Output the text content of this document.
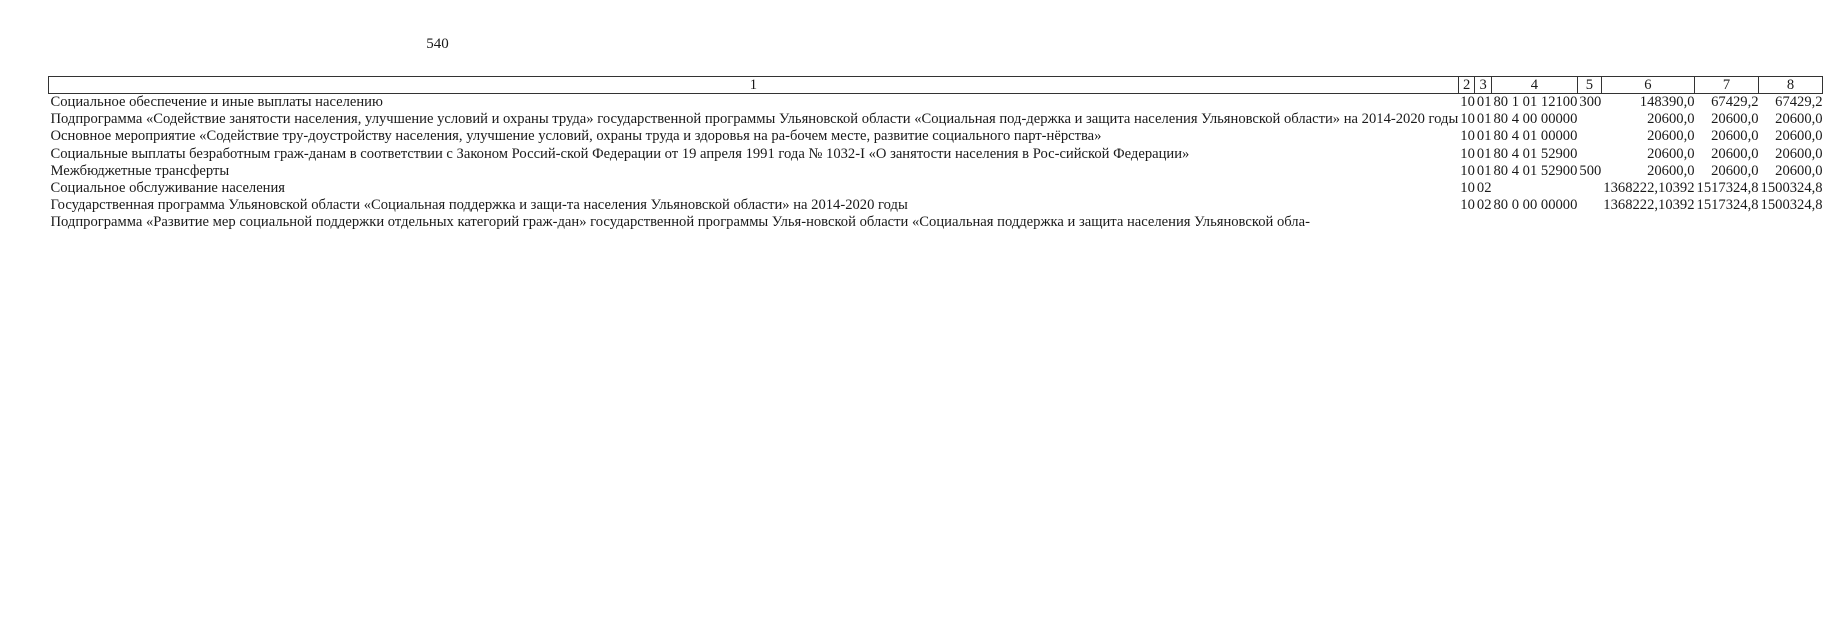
540
1	2	3	4	5	6	7	8
Социальное обеспечение и иные выплаты населению	10	01	80 1 01 12100	300	148390,0	67429,2	67429,2
Подпрограмма «Содействие занятости населения, улучшение условий и охраны труда» государственной программы Ульяновской области «Социальная под-держка и защита населения Ульяновской области» на 2014-2020 годы	10	01	80 4 00 00000		20600,0	20600,0	20600,0
Основное мероприятие «Содействие тру-доустройству населения, улучшение условий, охраны труда и здоровья на ра-бочем месте, развитие социального парт-нёрства»	10	01	80 4 01 00000		20600,0	20600,0	20600,0
Социальные выплаты безработным граж-данам в соответствии с Законом Россий-ской Федерации от 19 апреля 1991 года № 1032-I «О занятости населения в Рос-сийской Федерации»	10	01	80 4 01 52900		20600,0	20600,0	20600,0
Межбюджетные трансферты	10	01	80 4 01 52900	500	20600,0	20600,0	20600,0
Социальное обслуживание населения	10	02			1368222,10392	1517324,8	1500324,8
Государственная программа Ульяновской области «Социальная поддержка и защи-та населения Ульяновской области» на 2014-2020 годы	10	02	80 0 00 00000		1368222,10392	1517324,8	1500324,8
Подпрограмма «Развитие мер социальной поддержки отдельных категорий граж-дан» государственной программы Улья-новской области «Социальная поддержка и защита населения Ульяновской обла-							
